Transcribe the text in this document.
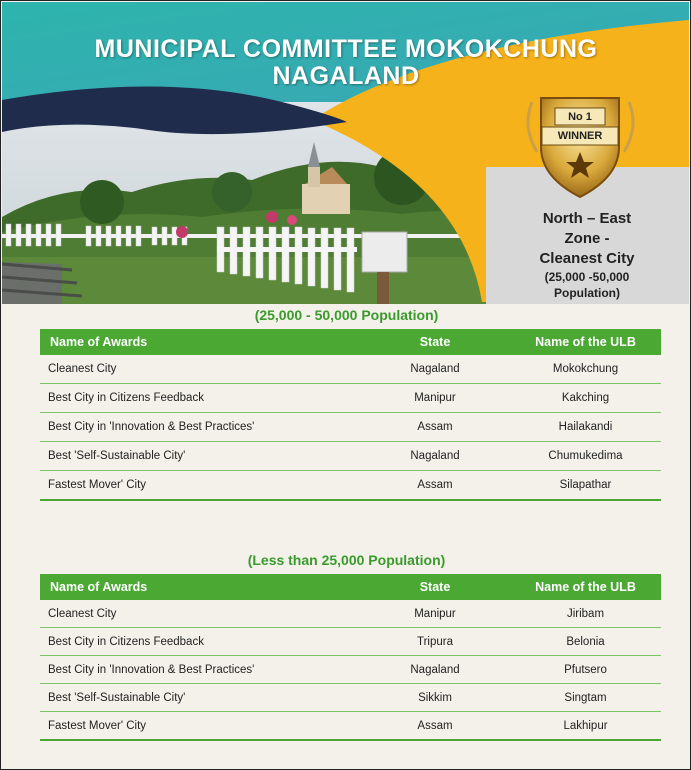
MUNICIPAL COMMITTEE MOKOKCHUNG
NAGALAND
No 1
WINNER
North – East
Zone -
Cleanest City
(25,000 -50,000
Population)
(25,000 - 50,000 Population)
Name of Awards	State	Name of the ULB
Cleanest City	Nagaland	Mokokchung
Best City in Citizens Feedback	Manipur	Kakching
Best City in 'Innovation & Best Practices'	Assam	Hailakandi
Best 'Self-Sustainable City'	Nagaland	Chumukedima
Fastest Mover' City	Assam	Silapathar
(Less than 25,000 Population)
Name of Awards	State	Name of the ULB
Cleanest City	Manipur	Jiribam
Best City in Citizens Feedback	Tripura	Belonia
Best City in 'Innovation & Best Practices'	Nagaland	Pfutsero
Best 'Self-Sustainable City'	Sikkim	Singtam
Fastest Mover' City	Assam	Lakhipur
